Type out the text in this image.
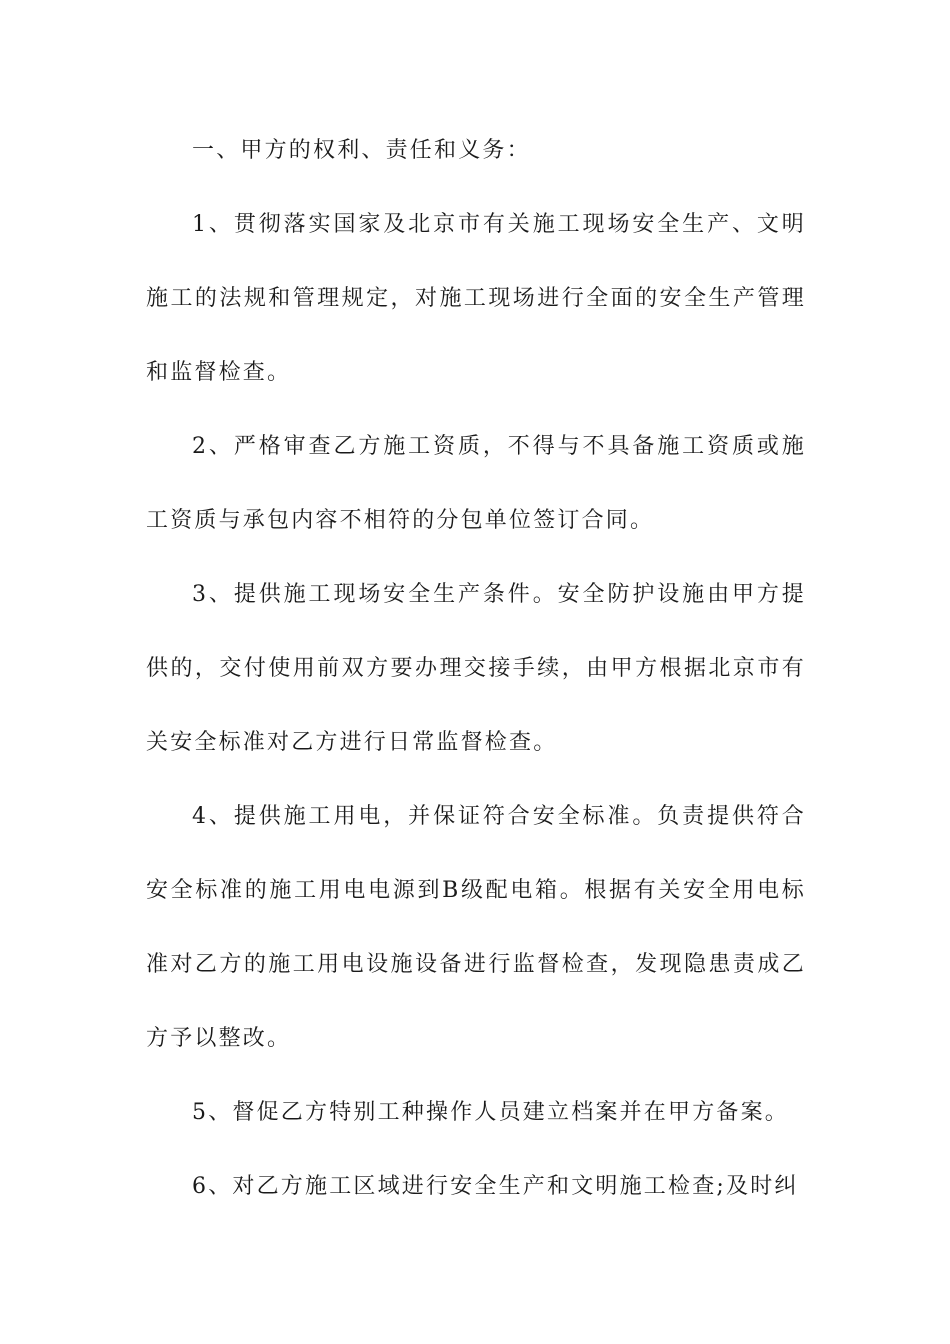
一、甲方的权利、责任和义务：

1、贯彻落实国家及北京市有关施工现场安全生产、文明施工的法规和管理规定，对施工现场进行全面的安全生产管理和监督检查。

2、严格审查乙方施工资质，不得与不具备施工资质或施工资质与承包内容不相符的分包单位签订合同。

3、提供施工现场安全生产条件。安全防护设施由甲方提供的，交付使用前双方要办理交接手续，由甲方根据北京市有关安全标准对乙方进行日常监督检查。

4、提供施工用电，并保证符合安全标准。负责提供符合安全标准的施工用电电源到B级配电箱。根据有关安全用电标准对乙方的施工用电设施设备进行监督检查，发现隐患责成乙方予以整改。

5、督促乙方特别工种操作人员建立档案并在甲方备案。

6、对乙方施工区域进行安全生产和文明施工检查;及时纠
